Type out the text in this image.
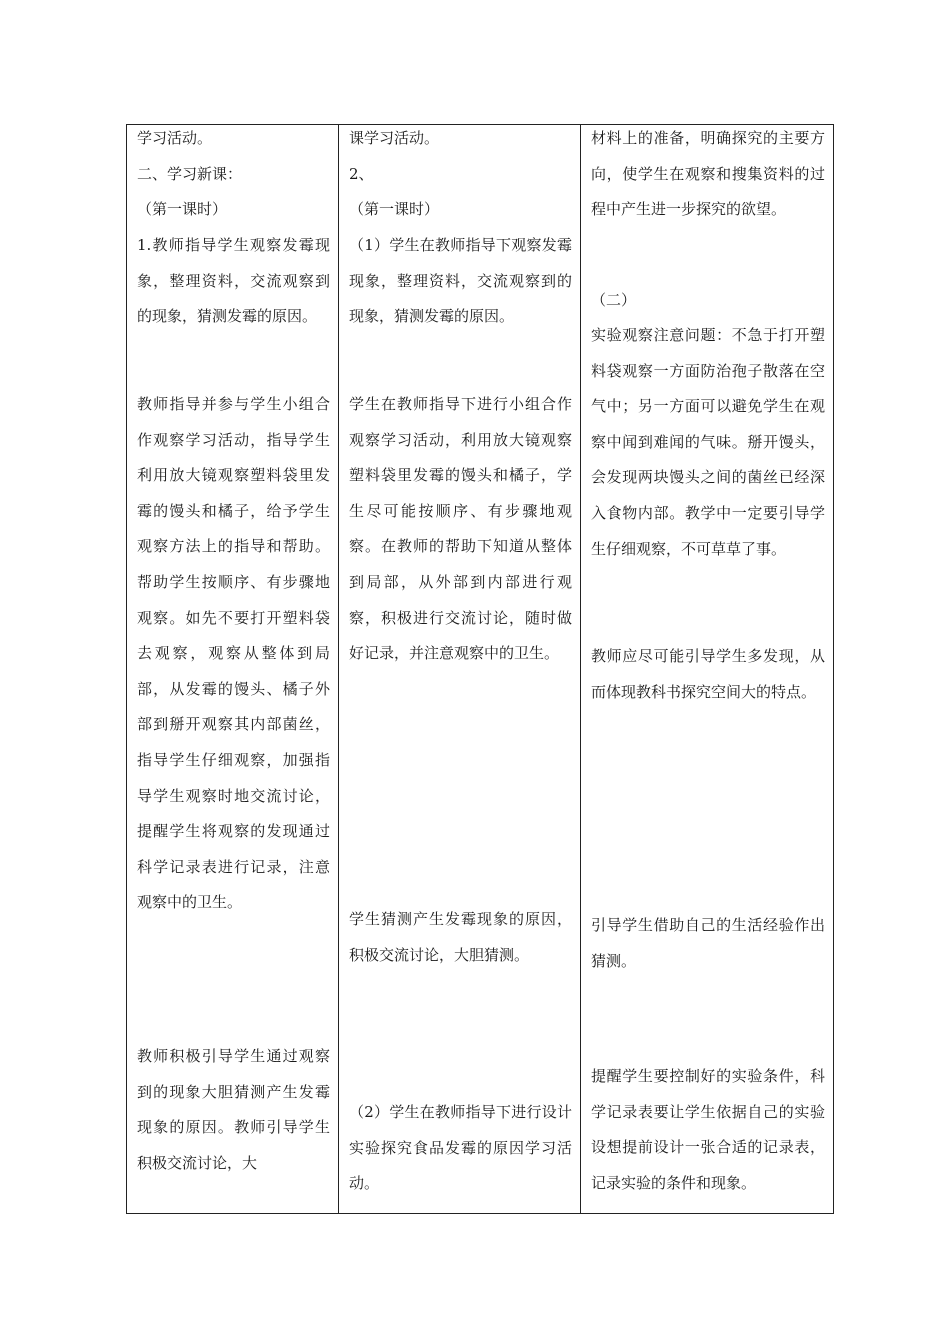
学习活动。

二、学习新课：

（第一课时）

1.教师指导学生观察发霉现象，整理资料，交流观察到的现象，猜测发霉的原因。

教师指导并参与学生小组合作观察学习活动，指导学生利用放大镜观察塑料袋里发霉的馒头和橘子，给予学生观察方法上的指导和帮助。帮助学生按顺序、有步骤地观察。如先不要打开塑料袋去观察，观察从整体到局部，从发霉的馒头、橘子外部到掰开观察其内部菌丝，指导学生仔细观察，加强指导学生观察时地交流讨论，提醒学生将观察的发现通过科学记录表进行记录，注意观察中的卫生。

教师积极引导学生通过观察到的现象大胆猜测产生发霉现象的原因。教师引导学生积极交流讨论，大

课学习活动。

2、

（第一课时）

（1）学生在教师指导下观察发霉现象，整理资料，交流观察到的现象，猜测发霉的原因。

学生在教师指导下进行小组合作观察学习活动，利用放大镜观察塑料袋里发霉的馒头和橘子，学生尽可能按顺序、有步骤地观察。在教师的帮助下知道从整体到局部，从外部到内部进行观察，积极进行交流讨论，随时做好记录，并注意观察中的卫生。

学生猜测产生发霉现象的原因，积极交流讨论，大胆猜测。

（2）学生在教师指导下进行设计实验探究食品发霉的原因学习活动。

材料上的准备，明确探究的主要方向，使学生在观察和搜集资料的过程中产生进一步探究的欲望。

（二）

实验观察注意问题：不急于打开塑料袋观察一方面防治孢子散落在空气中；另一方面可以避免学生在观察中闻到难闻的气味。掰开馒头，会发现两块馒头之间的菌丝已经深入食物内部。教学中一定要引导学生仔细观察，不可草草了事。

教师应尽可能引导学生多发现，从而体现教科书探究空间大的特点。

引导学生借助自己的生活经验作出猜测。

提醒学生要控制好的实验条件，科学记录表要让学生依据自己的实验设想提前设计一张合适的记录表，记录实验的条件和现象。
